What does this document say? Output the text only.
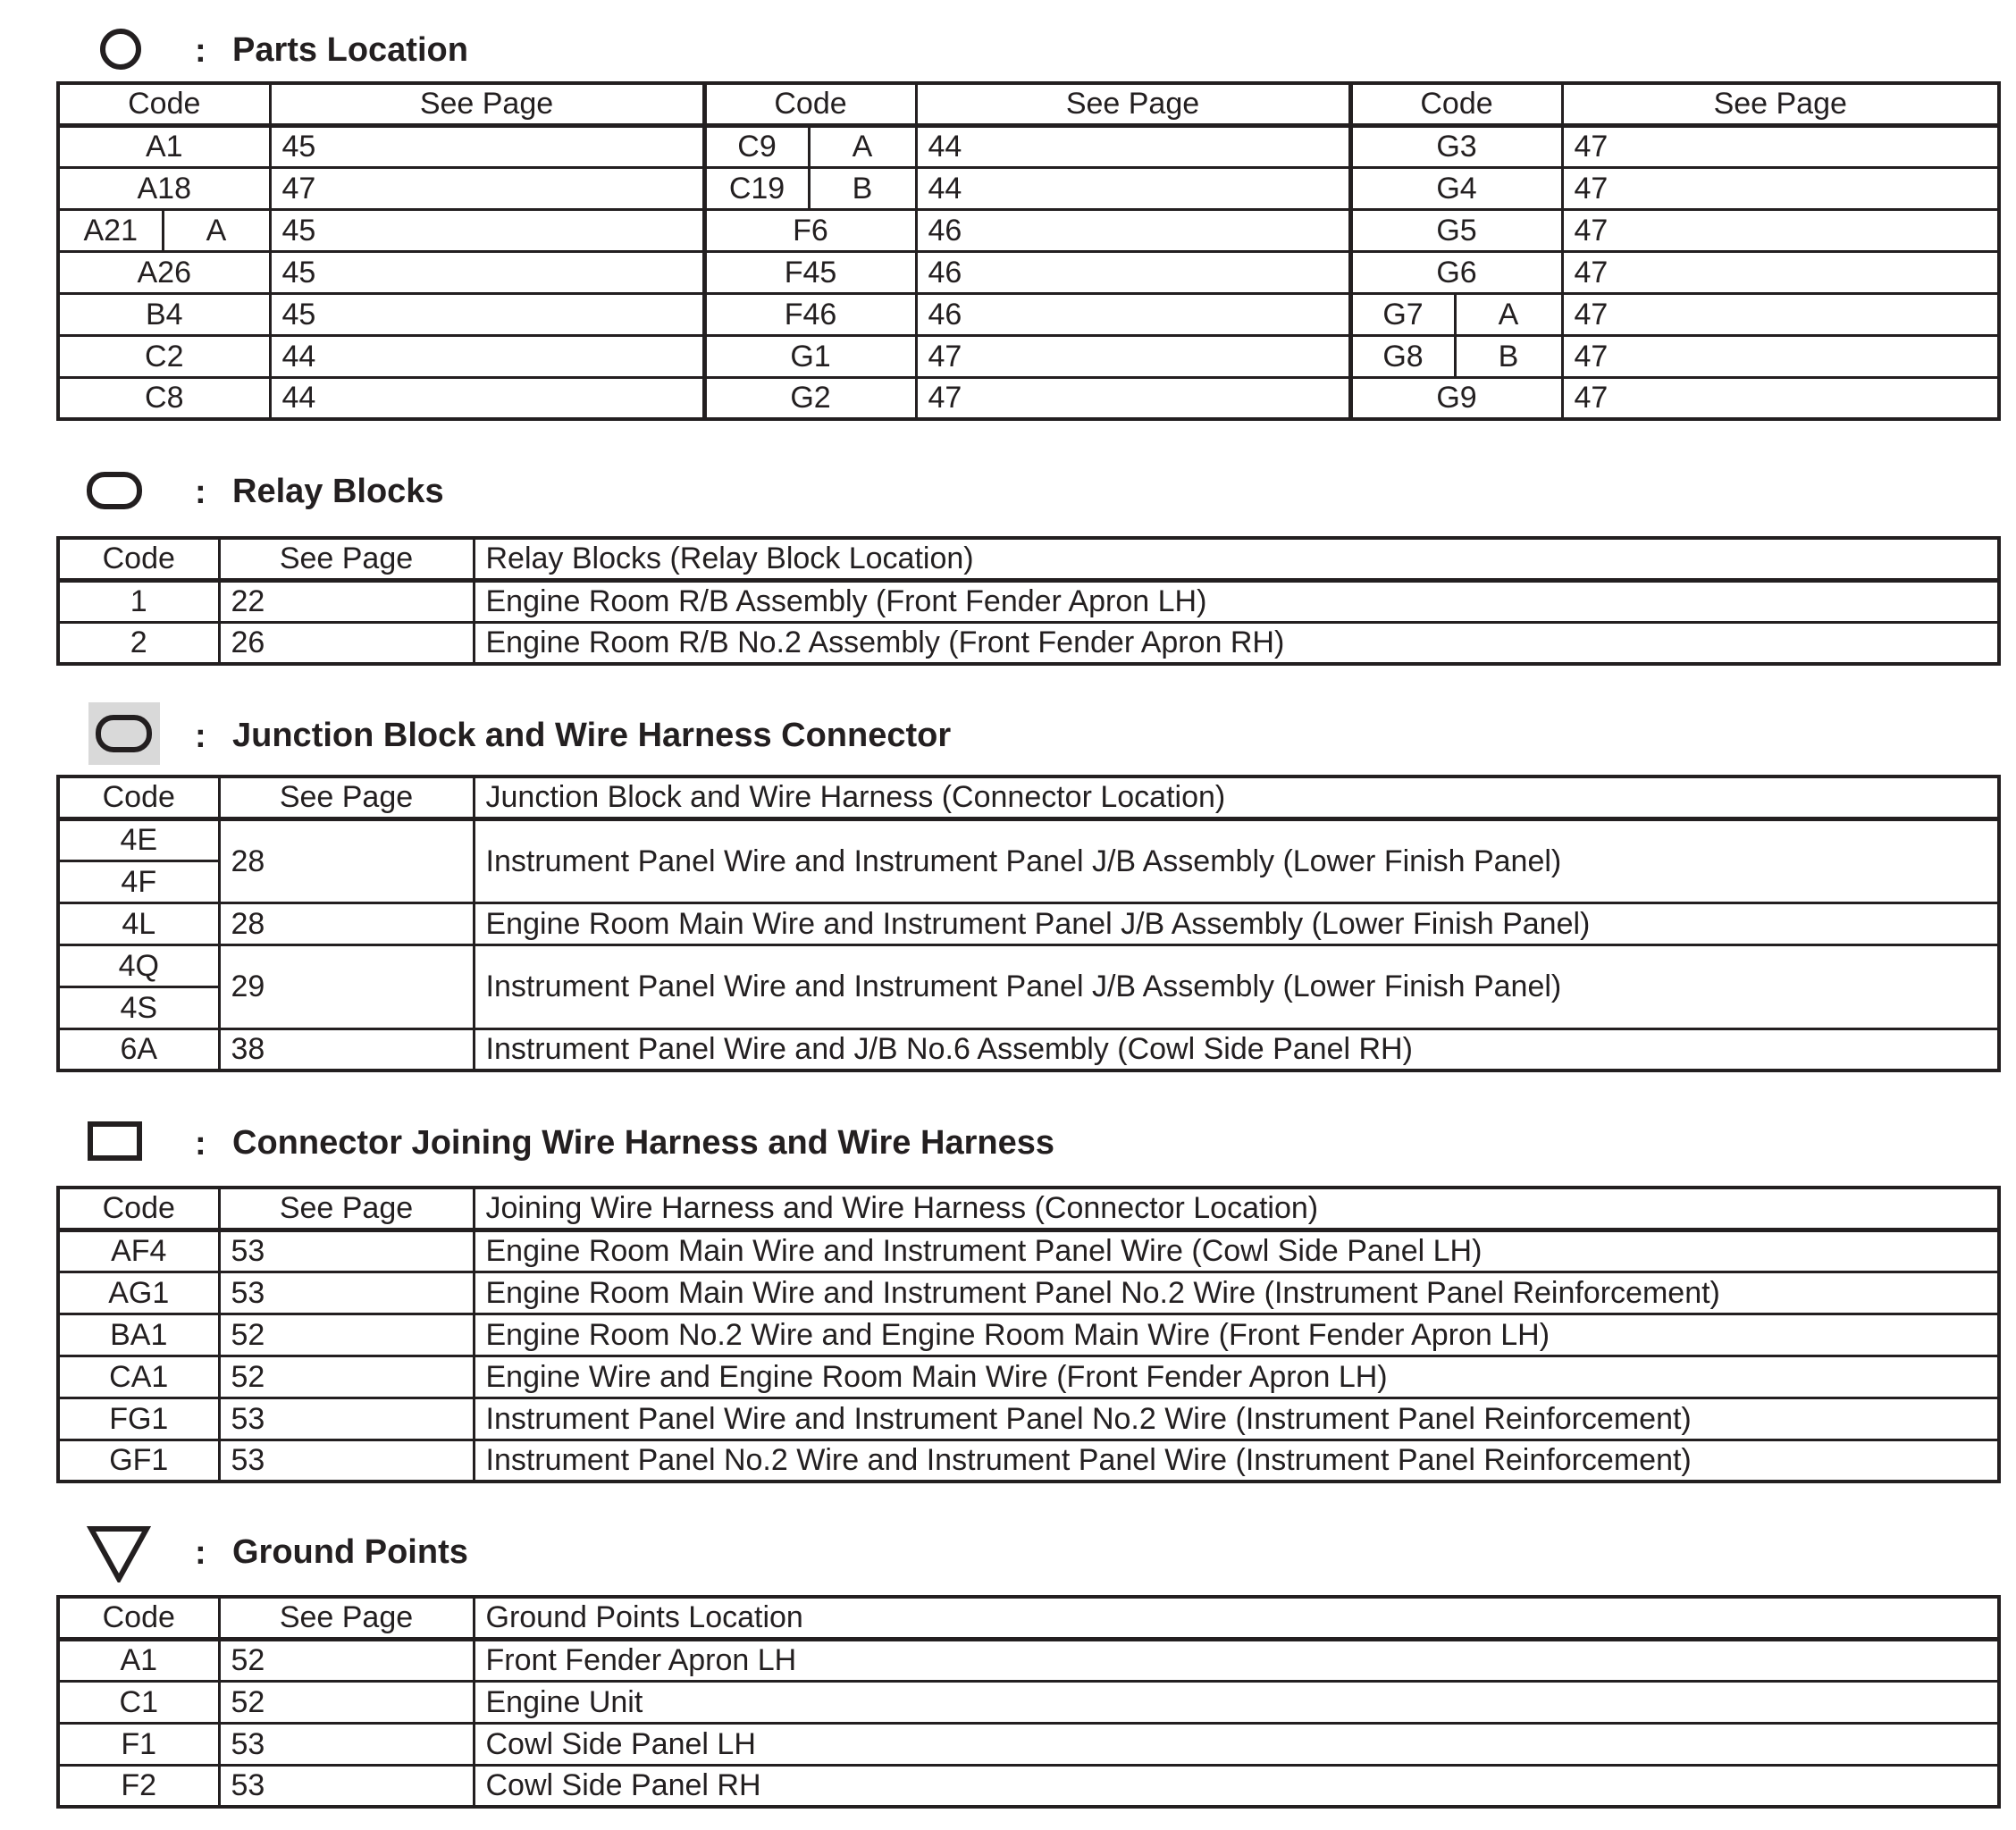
: Parts Location
Code		See Page	Code		See Page	Code		See Page
A1		45	C9	A	44	G3		47
A18		47	C19	B	44	G4		47
A21	A	45	F6		46	G5		47
A26		45	F45		46	G6		47
B4		45	F46		46	G7	A	47
C2		44	G1		47	G8	B	47
C8		44	G2		47	G9		47
: Relay Blocks
Code	See Page	Relay Blocks (Relay Block Location)
1	22	Engine Room R/B Assembly (Front Fender Apron LH)
2	26	Engine Room R/B No.2 Assembly (Front Fender Apron RH)
: Junction Block and Wire Harness Connector
Code	See Page	Junction Block and Wire Harness (Connector Location)
4E	28	Instrument Panel Wire and Instrument Panel J/B Assembly (Lower Finish Panel)
4F		
4L	28	Engine Room Main Wire and Instrument Panel J/B Assembly (Lower Finish Panel)
4Q	29	Instrument Panel Wire and Instrument Panel J/B Assembly (Lower Finish Panel)
4S		
6A	38	Instrument Panel Wire and J/B No.6 Assembly (Cowl Side Panel RH)
: Connector Joining Wire Harness and Wire Harness
Code	See Page	Joining Wire Harness and Wire Harness (Connector Location)
AF4	53	Engine Room Main Wire and Instrument Panel Wire (Cowl Side Panel LH)
AG1	53	Engine Room Main Wire and Instrument Panel No.2 Wire (Instrument Panel Reinforcement)
BA1	52	Engine Room No.2 Wire and Engine Room Main Wire (Front Fender Apron LH)
CA1	52	Engine Wire and Engine Room Main Wire (Front Fender Apron LH)
FG1	53	Instrument Panel Wire and Instrument Panel No.2 Wire (Instrument Panel Reinforcement)
GF1	53	Instrument Panel No.2 Wire and Instrument Panel Wire (Instrument Panel Reinforcement)
: Ground Points
Code	See Page	Ground Points Location
A1	52	Front Fender Apron LH
C1	52	Engine Unit
F1	53	Cowl Side Panel LH
F2	53	Cowl Side Panel RH
